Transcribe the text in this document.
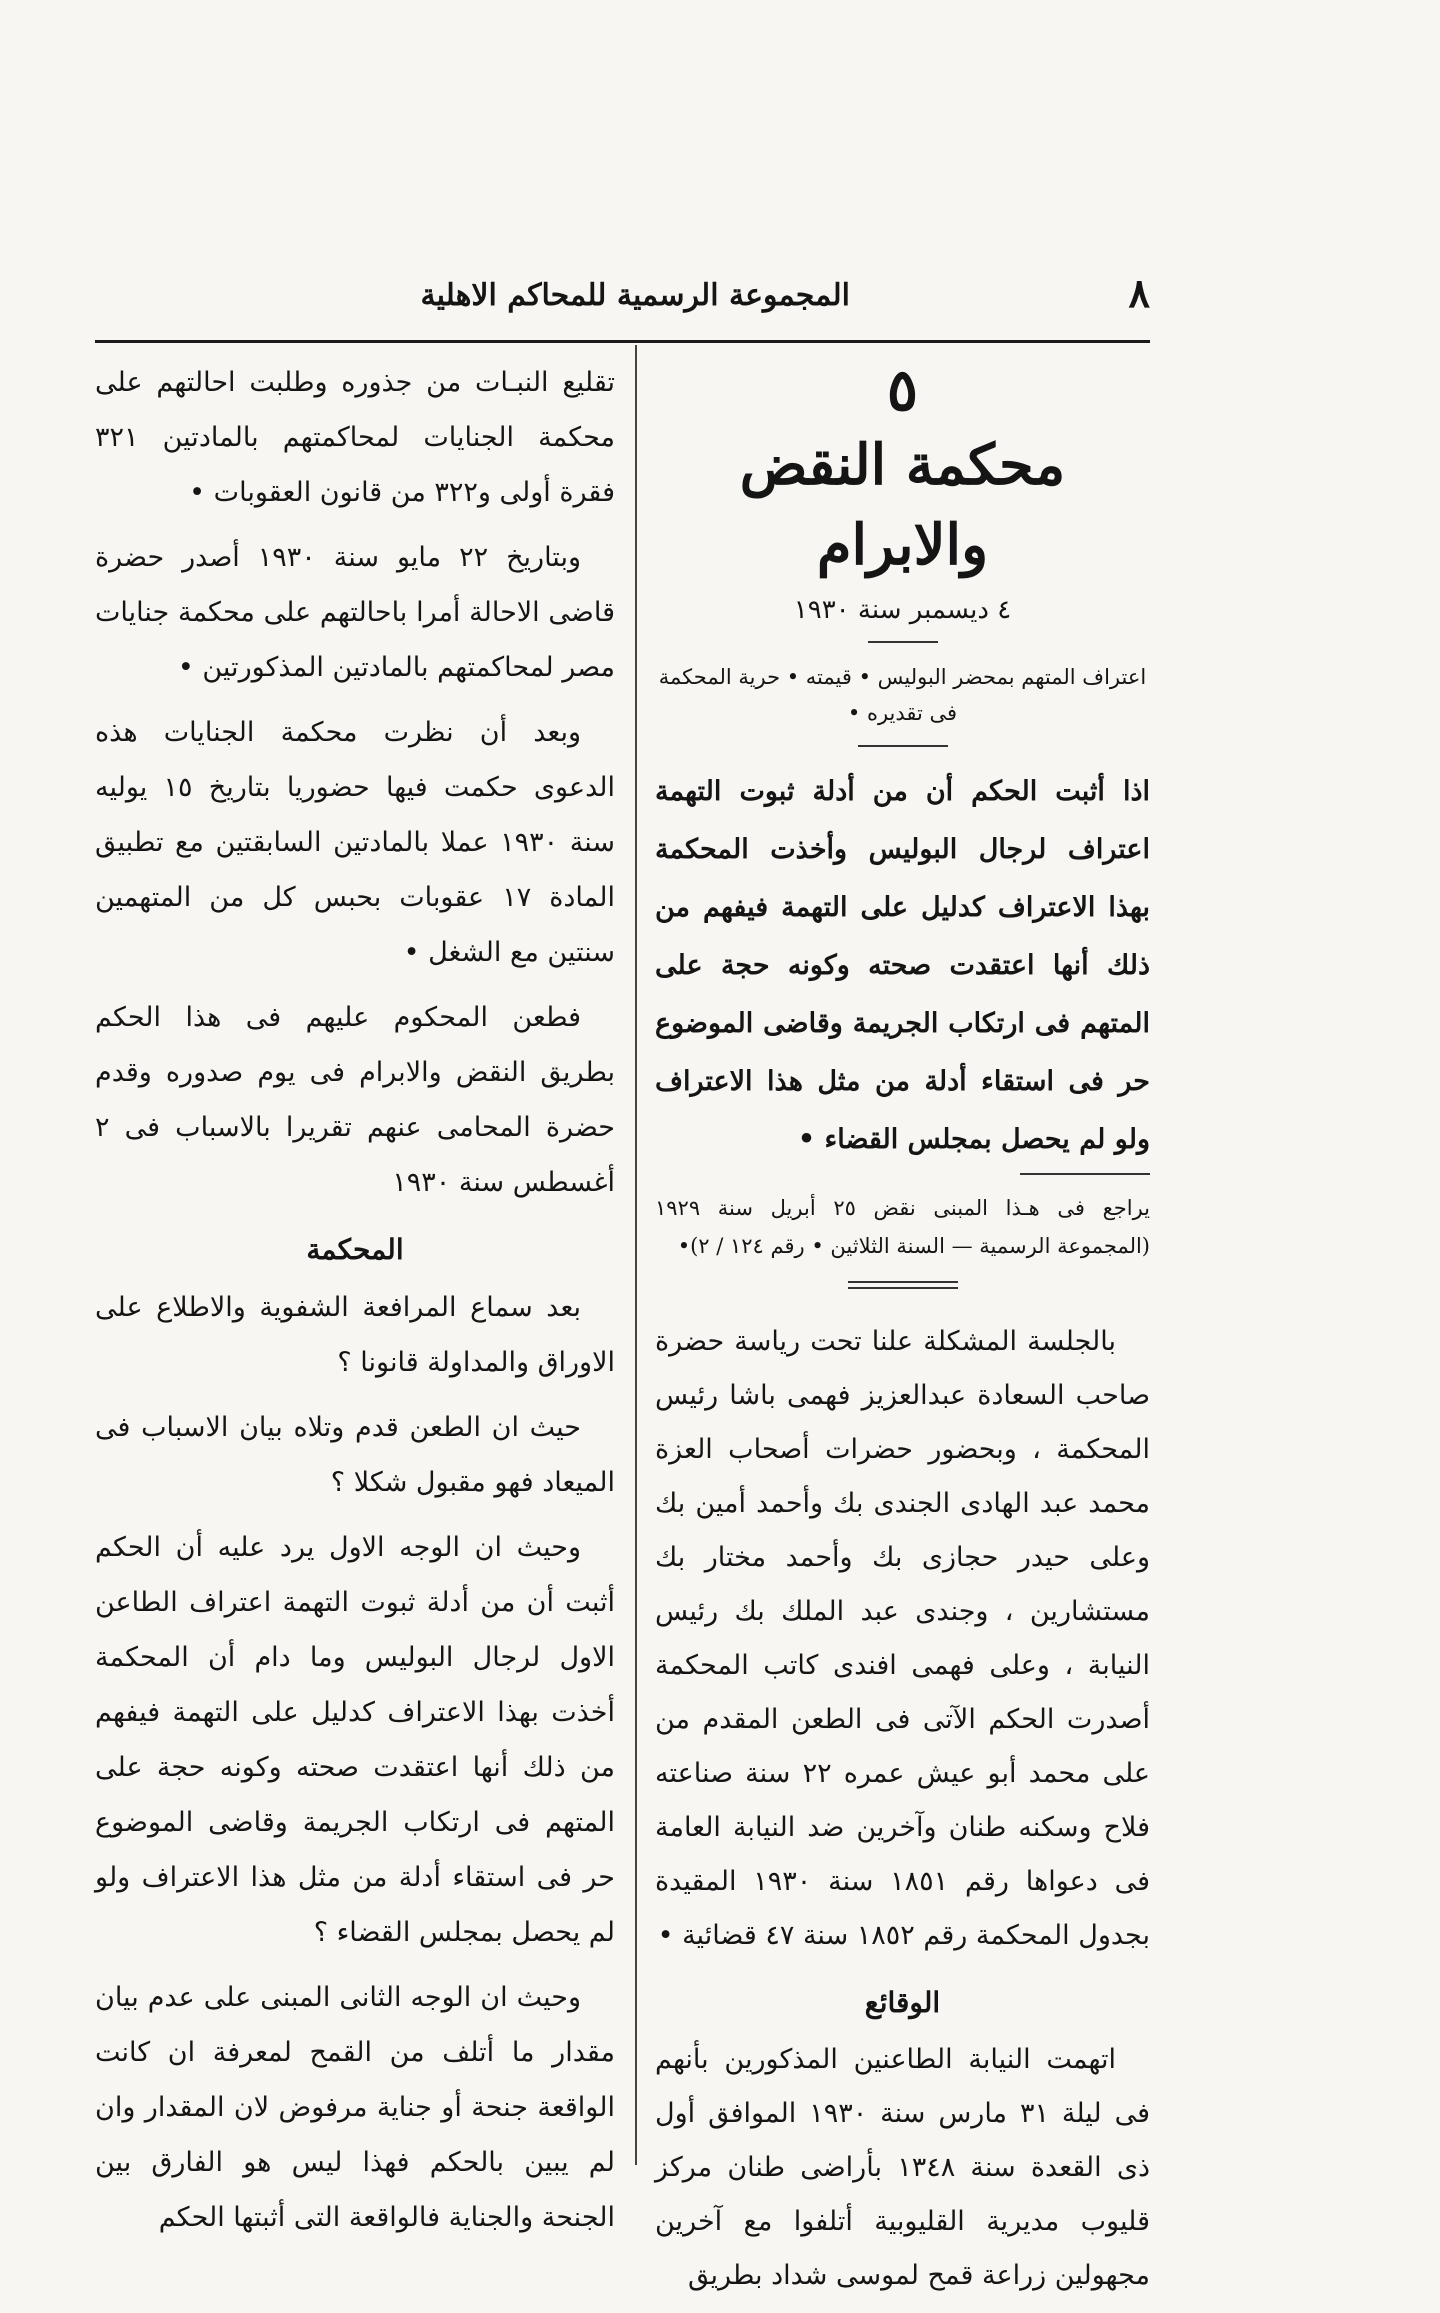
٨
المجموعة الرسمية للمحاكم الاهلية
٥
محكمة النقض والابرام
٤ ديسمبر سنة ١٩٣٠
اعتراف المتهم بمحضر البوليس • قيمته • حرية المحكمة فى تقديره •
اذا أثبت الحكم أن من أدلة ثبوت التهمة اعتراف لرجال البوليس وأخذت المحكمة بهذا الاعتراف كدليل على التهمة فيفهم من ذلك أنها اعتقدت صحته وكونه حجة على المتهم فى ارتكاب الجريمة وقاضى الموضوع حر فى استقاء أدلة من مثل هذا الاعتراف ولو لم يحصل بمجلس القضاء •
يراجع فى هـذا المبنى نقض ٢٥ أبريل سنة ١٩٢٩ (المجموعة الرسمية — السنة الثلاثين • رقم ١٢٤ / ٢)•

بالجلسة المشكلة علنا تحت رياسة حضرة صاحب السعادة عبدالعزيز فهمى باشا رئيس المحكمة ، وبحضور حضرات أصحاب العزة محمد عبد الهادى الجندى بك وأحمد أمين بك وعلى حيدر حجازى بك وأحمد مختار بك مستشارين ، وجندى عبد الملك بك رئيس النيابة ، وعلى فهمى افندى كاتب المحكمة أصدرت الحكم الآتى فى الطعن المقدم من على محمد أبو عيش عمره ٢٢ سنة صناعته فلاح وسكنه طنان وآخرين ضد النيابة العامة فى دعواها رقم ١٨٥١ سنة ١٩٣٠ المقيدة بجدول المحكمة رقم ١٨٥٢ سنة ٤٧ قضائية •

الوقائع

اتهمت النيابة الطاعنين المذكورين بأنهم فى ليلة ٣١ مارس سنة ١٩٣٠ الموافق أول ذى القعدة سنة ١٣٤٨ بأراضى طنان مركز قليوب مديرية القليوبية أتلفوا مع آخرين مجهولين زراعة قمح لموسى شداد بطريق

تقليع النبـات من جذوره وطلبت احالتهم على محكمة الجنايات لمحاكمتهم بالمادتين ٣٢١ فقرة أولى و٣٢٢ من قانون العقوبات •

وبتاريخ ٢٢ مايو سنة ١٩٣٠ أصدر حضرة قاضى الاحالة أمرا باحالتهم على محكمة جنايات مصر لمحاكمتهم بالمادتين المذكورتين •

وبعد أن نظرت محكمة الجنايات هذه الدعوى حكمت فيها حضوريا بتاريخ ١٥ يوليه سنة ١٩٣٠ عملا بالمادتين السابقتين مع تطبيق المادة ١٧ عقوبات بحبس كل من المتهمين سنتين مع الشغل •

فطعن المحكوم عليهم فى هذا الحكم بطريق النقض والابرام فى يوم صدوره وقدم حضرة المحامى عنهم تقريرا بالاسباب فى ٢ أغسطس سنة ١٩٣٠

المحكمة

بعد سماع المرافعة الشفوية والاطلاع على الاوراق والمداولة قانونا ؟

حيث ان الطعن قدم وتلاه بيان الاسباب فى الميعاد فهو مقبول شكلا ؟

وحيث ان الوجه الاول يرد عليه أن الحكم أثبت أن من أدلة ثبوت التهمة اعتراف الطاعن الاول لرجال البوليس وما دام أن المحكمة أخذت بهذا الاعتراف كدليل على التهمة فيفهم من ذلك أنها اعتقدت صحته وكونه حجة على المتهم فى ارتكاب الجريمة وقاضى الموضوع حر فى استقاء أدلة من مثل هذا الاعتراف ولو لم يحصل بمجلس القضاء ؟

وحيث ان الوجه الثانى المبنى على عدم بيان مقدار ما أتلف من القمح لمعرفة ان كانت الواقعة جنحة أو جناية مرفوض لان المقدار وان لم يبين بالحكم فهذا ليس هو الفارق بين الجنحة والجناية فالواقعة التى أثبتها الحكم
